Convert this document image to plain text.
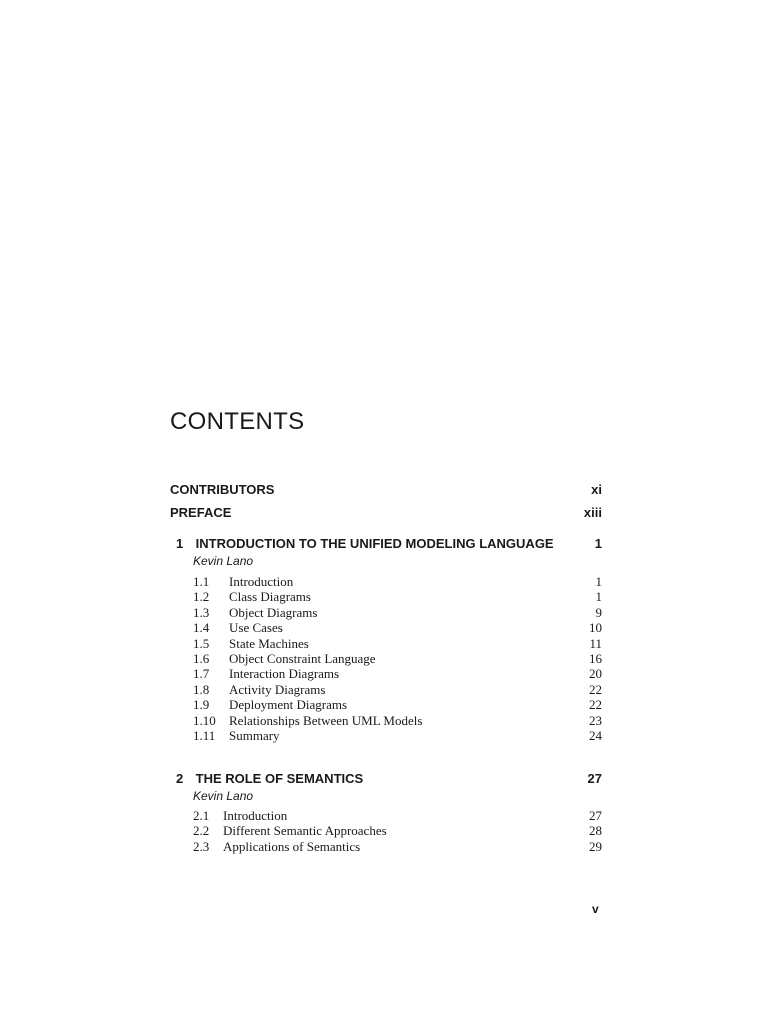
CONTENTS
CONTRIBUTORS	xi
PREFACE	xiii
1 INTRODUCTION TO THE UNIFIED MODELING LANGUAGE	1
Kevin Lano
1.1	Introduction	1
1.2	Class Diagrams	1
1.3	Object Diagrams	9
1.4	Use Cases	10
1.5	State Machines	11
1.6	Object Constraint Language	16
1.7	Interaction Diagrams	20
1.8	Activity Diagrams	22
1.9	Deployment Diagrams	22
1.10	Relationships Between UML Models	23
1.11	Summary	24
2 THE ROLE OF SEMANTICS	27
Kevin Lano
2.1	Introduction	27
2.2	Different Semantic Approaches	28
2.3	Applications of Semantics	29
v
